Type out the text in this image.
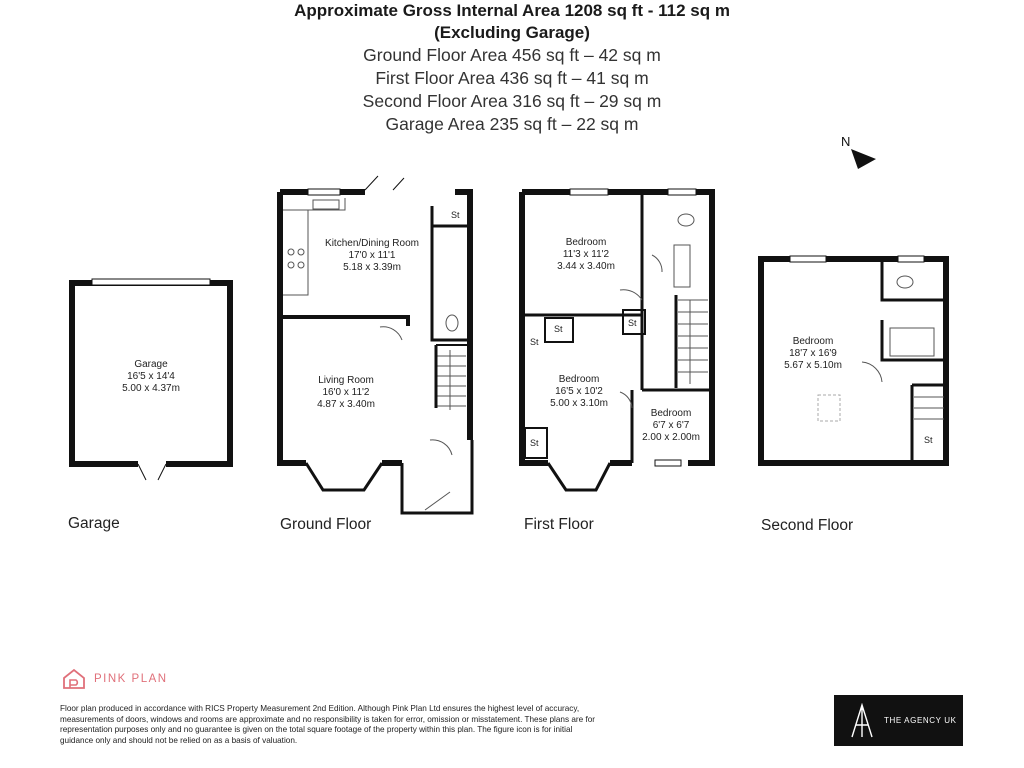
Approximate Gross Internal Area 1208 sq ft - 112 sq m
(Excluding Garage)
Ground Floor Area 456 sq ft – 42 sq m
First Floor Area 436 sq ft – 41 sq m
Second Floor Area 316 sq ft – 29 sq m
Garage Area 235 sq ft – 22 sq m
N
St
St
St
St
St	St
Garage
16'5 x 14'4
5.00 x 4.37m
Kitchen/Dining Room
17'0 x 11'1
5.18 x 3.39m
Living Room
16'0 x 11'2
4.87 x 3.40m
Bedroom
11'3 x 11'2
3.44 x 3.40m
Bedroom
16'5 x 10'2
5.00 x 3.10m
Bedroom
6'7 x 6'7
2.00 x 2.00m
Bedroom
18'7 x 16'9
5.67 x 5.10m
Garage	Ground Floor	First Floor	Second Floor
PINK PLAN
Floor plan produced in accordance with RICS Property Measurement 2nd Edition. Although Pink Plan Ltd ensures the highest level of accuracy, measurements of doors, windows and rooms are approximate and no responsibility is taken for error, omission or misstatement. These plans are for representation purposes only and no guarantee is given on the total square footage of the property within this plan. The figure icon is for initial guidance only and should not be relied on as a basis of valuation.
THE AGENCY UK
